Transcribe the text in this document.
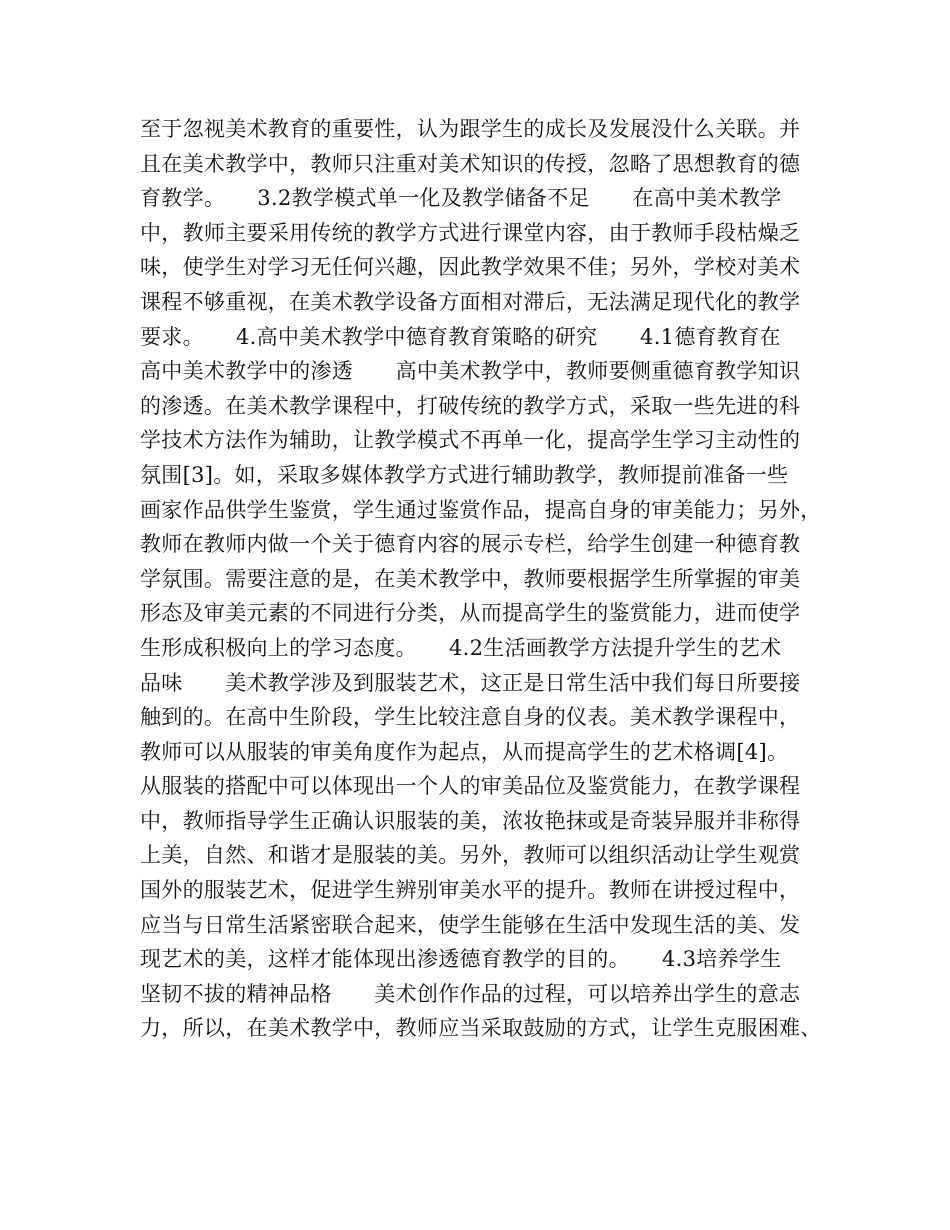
至于忽视美术教育的重要性，认为跟学生的成长及发展没什么关联。并
且在美术教学中，教师只注重对美术知识的传授，忽略了思想教育的德
育教学。　　3.2教学模式单一化及教学储备不足　　在高中美术教学
中，教师主要采用传统的教学方式进行课堂内容，由于教师手段枯燥乏
味，使学生对学习无任何兴趣，因此教学效果不佳；另外，学校对美术
课程不够重视，在美术教学设备方面相对滞后，无法满足现代化的教学
要求。　　4.高中美术教学中德育教育策略的研究　　4.1德育教育在
高中美术教学中的渗透　　高中美术教学中，教师要侧重德育教学知识
的渗透。在美术教学课程中，打破传统的教学方式，采取一些先进的科
学技术方法作为辅助，让教学模式不再单一化，提高学生学习主动性的
氛围[3]。如，采取多媒体教学方式进行辅助教学，教师提前准备一些
画家作品供学生鉴赏，学生通过鉴赏作品，提高自身的审美能力；另外，
教师在教师内做一个关于德育内容的展示专栏，给学生创建一种德育教
学氛围。需要注意的是，在美术教学中，教师要根据学生所掌握的审美
形态及审美元素的不同进行分类，从而提高学生的鉴赏能力，进而使学
生形成积极向上的学习态度。　　4.2生活画教学方法提升学生的艺术
品味　　美术教学涉及到服装艺术，这正是日常生活中我们每日所要接
触到的。在高中生阶段，学生比较注意自身的仪表。美术教学课程中，
教师可以从服装的审美角度作为起点，从而提高学生的艺术格调[4]。
从服装的搭配中可以体现出一个人的审美品位及鉴赏能力，在教学课程
中，教师指导学生正确认识服装的美，浓妆艳抹或是奇装异服并非称得
上美，自然、和谐才是服装的美。另外，教师可以组织活动让学生观赏
国外的服装艺术，促进学生辨别审美水平的提升。教师在讲授过程中，
应当与日常生活紧密联合起来，使学生能够在生活中发现生活的美、发
现艺术的美，这样才能体现出渗透德育教学的目的。　　4.3培养学生
坚韧不拔的精神品格　　美术创作作品的过程，可以培养出学生的意志
力，所以，在美术教学中，教师应当采取鼓励的方式，让学生克服困难、
